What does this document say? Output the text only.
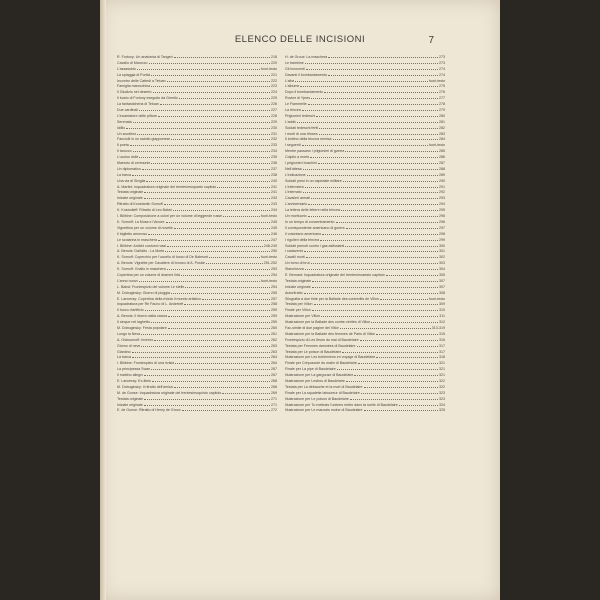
ELENCO DELLE INCISIONI	7
R. Fortuny: Un anatomia di Tangeri	218
Cavallo di Marocco	220
L'assassinio	fuori-testo
La spiaggia di Portici	221
Incontro delle Cattedi a Tetuan	222
Famiglia marocchina	223
Il Giudizio nel deserto	224
Il busto di Fortuny eseguito da Gemito	225
La fantasticheria di Tetuan	226
Due cardinali	227
L'incantatore delle pitture	228
Serenata	229
Idillio	230
Un scudiero	231
Fanciulli in un salotto giapponese	232
Il poeta	233
Il tarocco	234
L'ucciso dolle	235
Maestro di cerimonie	236
Un diplomatico	237
La barca	238
Una via di Siviglia	240
A. Martini: Inquadratura originale del trentesimoquarto capitolo	241
Testata originale	241
Iniziale originale	243
Ritratto di Konstantin Somoff	243
K. Kustodieff: Ritratto di Leo Bakst	244
I. Bilibine: Composizione a colori per un volume di leggende russe	fuori-testo
K. Somoff: La Musa e l'Amore	245
Vignettina per un volume di novelle	245
Il biglietto amoroso	246
Le scolarina in maschera	247
I. Bilibine: Antichi costumi russi	248-249
A. Benois: Dall'alto - La Morte	250
K. Somoff: Coperchio per l'uccello di fuoco di De Balmont	fuori-testo
A. Benois: Vignette per Cavaliere di bronzo di A. Puskin	251-252
K. Somoff: Il ballo in maschera	253
Copertina per un volume di drammi lirici	254
L'anno nuovo	fuori-testo
L. Bakst: Frontespizio del volume Le stelle	254
M. Dobuginsky: Giorno di pioggia	255
E. Lanceray: Copertina della rivista Il mondo artistico	257
Inquadratura per Re Fauno di L. Andreieff	258
Il fuoco d'artificio	259
A. Benois: Il ritorno dalla caccia	259
Il cinque nel laghetto	259
M. Dobuginsky: Festa popolare	260
Lungo la Neva	261
A. Ostroumoff: Inverno	262
Giorno di neve	263
Giardino	263
La barca	264
I. Bilibine: Frontespizio di una rivista	264
La principessa Swan	267
Il mattino allegro	267
E. Lanceray: Ex-libris	268
M. Dobuginsky: Il ritratto dell'amica	268
M. de Gonse: Inquadratura originale del trentesimoquinto capitolo	269
Testata originale	271
Iniziale originale	271
E. de Gonse: Ritratto di Henry de Groux	272
H. de Groux: La maschera	273
Le bambine	273
Gli innocenti	274
Davanti il bombardamento	274
L'alba	fuori-testo
L'albume	275
Dopo il bombardamento	276
Rovine di Ypres	277
Le Fiammelle	278
La trincea	279
Prigionieri tedeschi	280
L'addio	281
Soldati tedeschi feriti	282
I morti di una trincea	283
Il bottino della trincea nemica	284
I seguenti	fuori-testo
Mentre passano i prigionieri di guerra	285
Colpito a morte	286
I prigionieri boschini	287
Nell'attesa	288
L'indicazione	289
Soldati presi in un ospedale militare	290
L'infermiera	291
L'internato	292
Cavalieri armati	293
L'anniversario	294
La lettera delle lettere nella trincea	295
Un morituorio	296
In un tempo di concentramento	296
Il corrispondente americano di guerra	297
Il volontario americano	298
I rigolieri della trincea	299
Soldati prenoti contro i gas asfissianti	300
I cadaverini	301
Cavalli morti	302
Un tomo di brut	303
Stanchezza	304
É. Bernard: Inquadratura originale del trentesimosesto capitolo	305
Testata originale	307
Iniziale originale	307
Autoritratto	308
Silografia a due tinte per la Ballade des contredits de Villon	fuori-testo
Testata per Villon	309
Finale per Villon	310
Illustrazione per Villon	311
Illustrazione per la Ballade des contre-vérités di Villon	312
Fac-simile di due pagine del Villon	313-319
Illustrazione per la Ballade des femmes de Paris di Villon	315
Frontespizio di Les fleurs du mal di Baudelaire	316
Testata per Femmes damnées di Baudelaire	317
Testata per Le poison di Baudelaire	317
Illustrazione per Les bohémiens en voyage di Baudelaire	318
Finale per Crépuscule du matin di Baudelaire	321
Finale per La pipe di Baudelaire	321
Illustrazione per La gargouse di Baudelaire	321
Illustrazione per Lesbos di Baudelaire	322
Testata per La débauche et la mort di Baudelaire	322
Finale per La squalette laboureur di Baudelaire	323
Illustrazione per Le poison di Baudelaire	323
Illustrazione per Tu mettrais l'univers entier dans ta ruelle di Baudelaire	324
Illustrazione per Le mauvais moine di Baudelaire	325
